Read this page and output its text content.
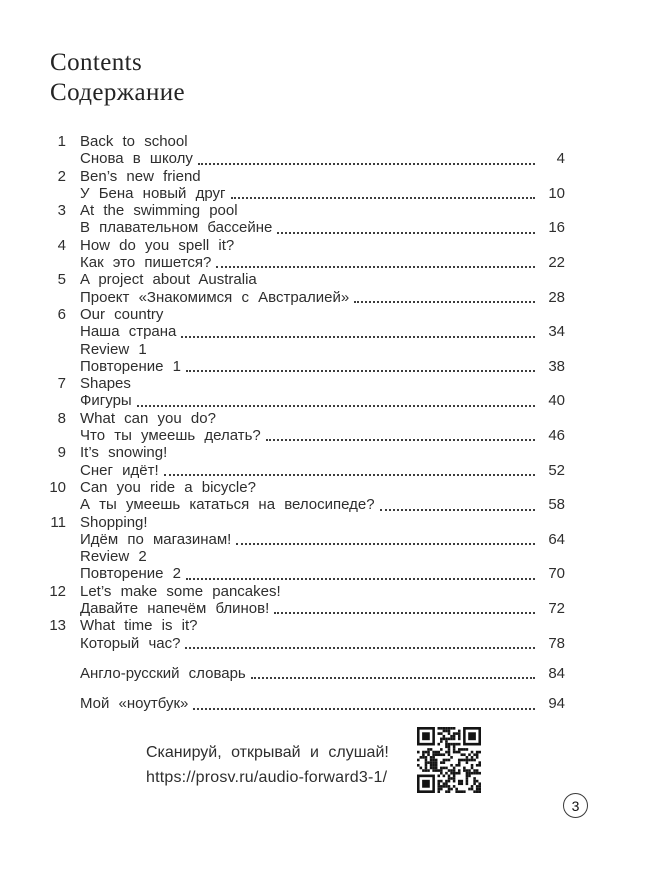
Contents
Содержание
1 Back to school
Снова в школу	4
2 Ben’s new friend
У Бена новый друг	10
3 At the swimming pool
В плавательном бассейне	16
4 How do you spell it?
Как это пишется?	22
5 A project about Australia
Проект «Знакомимся с Австралией»	28
6 Our country
Наша страна	34
Review 1
Повторение 1	38
7 Shapes
Фигуры	40
8 What can you do?
Что ты умеешь делать?	46
9 It’s snowing!
Снег идёт!	52
10 Can you ride a bicycle?
А ты умеешь кататься на велосипеде?	58
11 Shopping!
Идём по магазинам!	64
Review 2
Повторение 2	70
12 Let’s make some pancakes!
Давайте напечём блинов!	72
13 What time is it?
Который час?	78
Англо-русский словарь	84
Мой «ноутбук»	94
Сканируй, открывай и слушай!
https://prosv.ru/audio-forward3-1/
3
